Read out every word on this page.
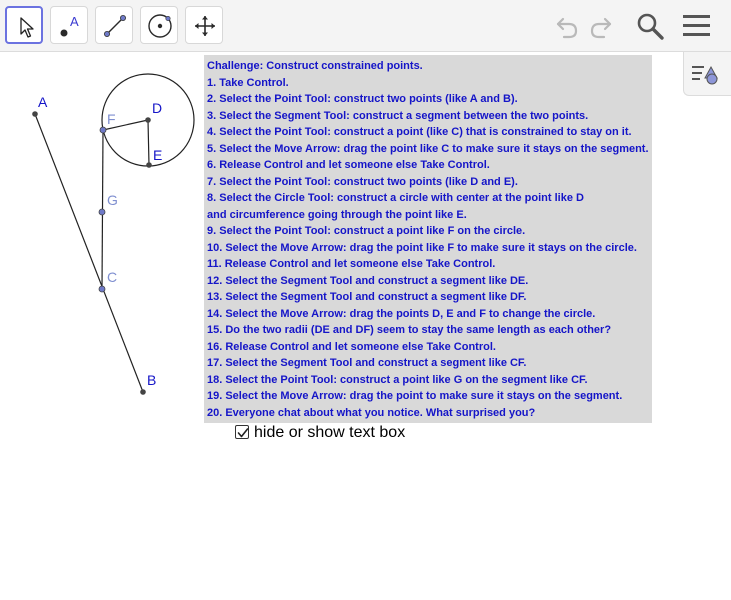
A
A
B
D
E
F
G
C
Challenge: Construct constrained points.
1. Take Control.
2. Select the Point Tool: construct two points (like A and B).
3. Select the Segment Tool: construct a segment between the two points.
4. Select the Point Tool: construct a point (like C) that is constrained to stay on it.
5. Select the Move Arrow: drag the point like C to make sure it stays on the segment.
6. Release Control and let someone else Take Control.
7. Select the Point Tool: construct two points (like D and E).
8. Select the Circle Tool: construct a circle with center at the point like D
and circumference going through the point like E.
9. Select the Point Tool: construct a point like F on the circle.
10. Select the Move Arrow: drag the point like F to make sure it stays on the circle.
11. Release Control and let someone else Take Control.
12. Select the Segment Tool and construct a segment like DE.
13. Select the Segment Tool and construct a segment like DF.
14. Select the Move Arrow: drag the points D, E and F to change the circle.
15. Do the two radii (DE and DF) seem to stay the same length as each other?
16. Release Control and let someone else Take Control.
17. Select the Segment Tool and construct a segment like CF.
18. Select the Point Tool: construct a point like G on the segment like CF.
19. Select the Move Arrow: drag the point to make sure it stays on the segment.
20. Everyone chat about what you notice. What surprised you?
hide or show text box
